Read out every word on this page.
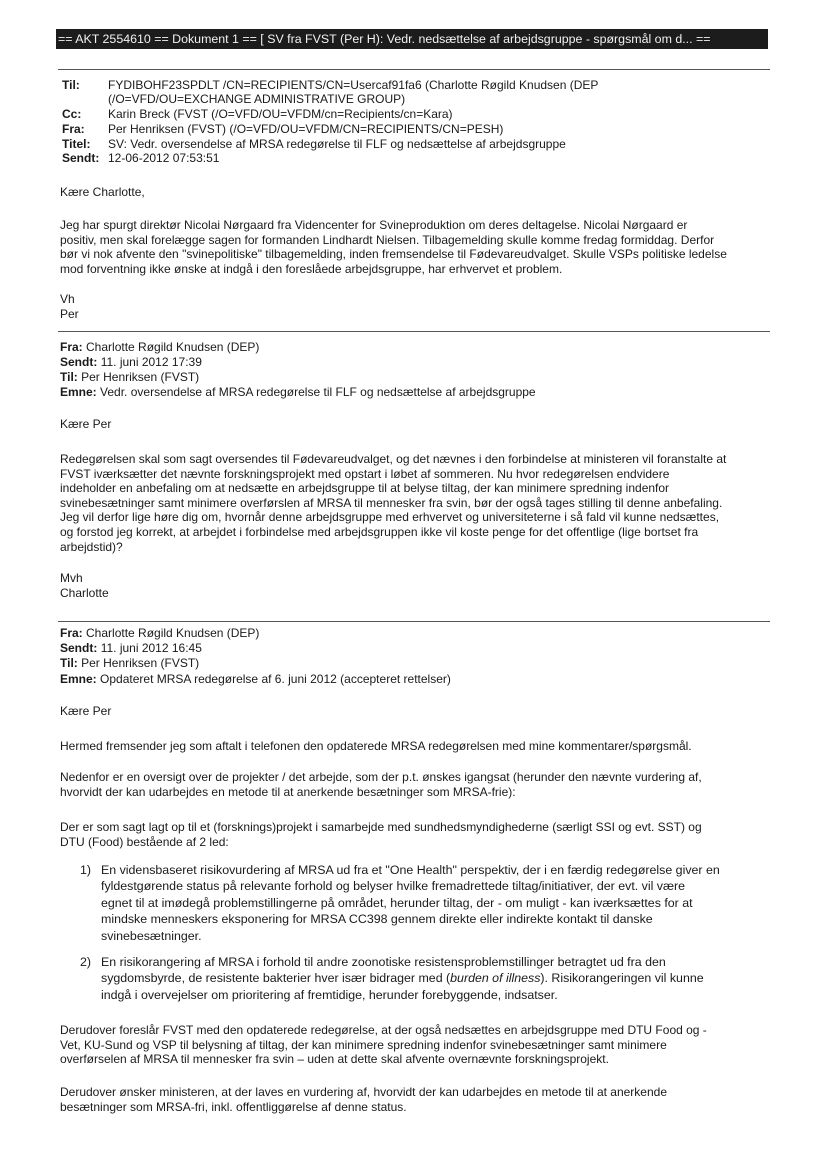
== AKT 2554610 == Dokument 1 == [ SV fra FVST (Per H): Vedr. nedsættelse af arbejdsgruppe - spørgsmål om d... ==
Til: FYDIBOHF23SPDLT /CN=RECIPIENTS/CN=Usercaf91fa6 (Charlotte Røgild Knudsen (DEP
(/O=VFD/OU=EXCHANGE ADMINISTRATIVE GROUP)
Cc: Karin Breck (FVST (/O=VFD/OU=VFDM/cn=Recipients/cn=Kara)
Fra: Per Henriksen (FVST) (/O=VFD/OU=VFDM/CN=RECIPIENTS/CN=PESH)
Titel: SV: Vedr. oversendelse af MRSA redegørelse til FLF og nedsættelse af arbejdsgruppe
Sendt: 12-06-2012 07:53:51
Kære Charlotte,
Jeg har spurgt direktør Nicolai Nørgaard fra Videncenter for Svineproduktion om deres deltagelse. Nicolai Nørgaard er
positiv, men skal forelægge sagen for formanden Lindhardt Nielsen. Tilbagemelding skulle komme fredag formiddag. Derfor
bør vi nok afvente den "svinepolitiske" tilbagemelding, inden fremsendelse til Fødevareudvalget. Skulle VSPs politiske ledelse
mod forventning ikke ønske at indgå i den foreslåede arbejdsgruppe, har erhvervet et problem.
Vh
Per
Fra: Charlotte Røgild Knudsen (DEP)
Sendt: 11. juni 2012 17:39
Til: Per Henriksen (FVST)
Emne: Vedr. oversendelse af MRSA redegørelse til FLF og nedsættelse af arbejdsgruppe
Kære Per
Redegørelsen skal som sagt oversendes til Fødevareudvalget, og det nævnes i den forbindelse at ministeren vil foranstalte at
FVST iværksætter det nævnte forskningsprojekt med opstart i løbet af sommeren. Nu hvor redegørelsen endvidere
indeholder en anbefaling om at nedsætte en arbejdsgruppe til at belyse tiltag, der kan minimere spredning indenfor
svinebesætninger samt minimere overførslen af MRSA til mennesker fra svin, bør der også tages stilling til denne anbefaling.
Jeg vil derfor lige høre dig om, hvornår denne arbejdsgruppe med erhvervet og universiteterne i så fald vil kunne nedsættes,
og forstod jeg korrekt, at arbejdet i forbindelse med arbejdsgruppen ikke vil koste penge for det offentlige (lige bortset fra
arbejdstid)?
Mvh
Charlotte
Fra: Charlotte Røgild Knudsen (DEP)
Sendt: 11. juni 2012 16:45
Til: Per Henriksen (FVST)
Emne: Opdateret MRSA redegørelse af 6. juni 2012 (accepteret rettelser)
Kære Per
Hermed fremsender jeg som aftalt i telefonen den opdaterede MRSA redegørelsen med mine kommentarer/spørgsmål.
Nedenfor er en oversigt over de projekter / det arbejde, som der p.t. ønskes igangsat (herunder den nævnte vurdering af,
hvorvidt der kan udarbejdes en metode til at anerkende besætninger som MRSA-frie):
Der er som sagt lagt op til et (forsknings)projekt i samarbejde med sundhedsmyndighederne (særligt SSI og evt. SST) og
DTU (Food) bestående af 2 led:
1) En vidensbaseret risikovurdering af MRSA ud fra et "One Health" perspektiv, der i en færdig redegørelse giver en
fyldestgørende status på relevante forhold og belyser hvilke fremadrettede tiltag/initiativer, der evt. vil være
egnet til at imødegå problemstillingerne på området, herunder tiltag, der - om muligt - kan iværksættes for at
mindske menneskers eksponering for MRSA CC398 gennem direkte eller indirekte kontakt til danske
svinebesætninger.
2) En risikorangering af MRSA i forhold til andre zoonotiske resistensproblemstillinger betragtet ud fra den
sygdomsbyrde, de resistente bakterier hver især bidrager med (burden of illness). Risikorangeringen vil kunne
indgå i overvejelser om prioritering af fremtidige, herunder forebyggende, indsatser.
Derudover foreslår FVST med den opdaterede redegørelse, at der også nedsættes en arbejdsgruppe med DTU Food og -
Vet, KU-Sund og VSP til belysning af tiltag, der kan minimere spredning indenfor svinebesætninger samt minimere
overførselen af MRSA til mennesker fra svin – uden at dette skal afvente overnævnte forskningsprojekt.
Derudover ønsker ministeren, at der laves en vurdering af, hvorvidt der kan udarbejdes en metode til at anerkende
besætninger som MRSA-fri, inkl. offentliggørelse af denne status.
